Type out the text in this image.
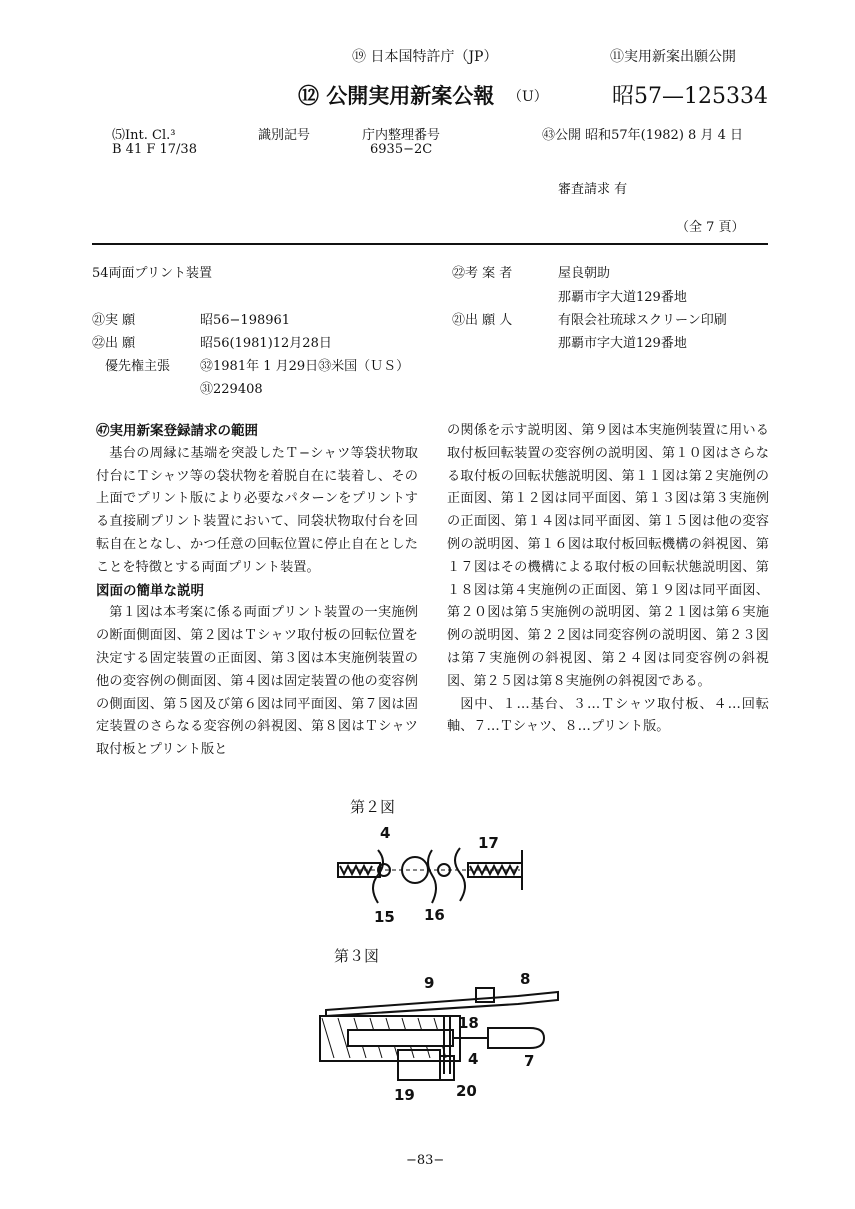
⑲ 日本国特許庁（JP）	⑪実用新案出願公開
⑫ 公開実用新案公報 （U）	昭57—125334
⑸Int. Cl.³
B 41 F 17/38
識別記号	庁内整理番号
6935−2C
㊸公開 昭和57年(1982) 8 月 4 日
審査請求 有
（全 7 頁）
54両面プリント装置
㉑実 願	昭56−198961
㉒出 願	昭56(1981)12月28日
優先権主張 ㉜1981年 1 月29日㉝米国（ＵＳ）
㉛229408
㉒考 案 者	屋良朝助
那覇市字大道129番地
㉑出 願 人	有限会社琉球スクリーン印刷
那覇市字大道129番地
㊼実用新案登録請求の範囲

基台の周縁に基端を突設したＴ−シャツ等袋状物取付台にＴシャツ等の袋状物を着脱自在に装着し、その上面でプリント版により必要なパターンをプリントする直接刷プリント装置において、同袋状物取付台を回転自在となし、かつ任意の回転位置に停止自在としたことを特徴とする両面プリント装置。

図面の簡単な説明

第１図は本考案に係る両面プリント装置の一実施例の断面側面図、第２図はＴシャツ取付板の回転位置を決定する固定装置の正面図、第３図は本実施例装置の他の変容例の側面図、第４図は固定装置の他の変容例の側面図、第５図及び第６図は同平面図、第７図は固定装置のさらなる変容例の斜視図、第８図はＴシャツ取付板とプリント版と

の関係を示す説明図、第９図は本実施例装置に用いる取付板回転装置の変容例の説明図、第１０図はさらなる取付板の回転状態説明図、第１１図は第２実施例の正面図、第１２図は同平面図、第１３図は第３実施例の正面図、第１４図は同平面図、第１５図は他の変容例の説明図、第１６図は取付板回転機構の斜視図、第１７図はその機構による取付板の回転状態説明図、第１８図は第４実施例の正面図、第１９図は同平面図、第２０図は第５実施例の説明図、第２１図は第６実施例の説明図、第２２図は同変容例の説明図、第２３図は第７実施例の斜視図、第２４図は同変容例の斜視図、第２５図は第８実施例の斜視図である。

図中、１…基台、３…Ｔシャツ取付板、４…回転軸、７…Ｔシャツ、８…プリント版。

第２図
4
17
15 16
第３図
9	8
18
4	7
19	20
−83−
